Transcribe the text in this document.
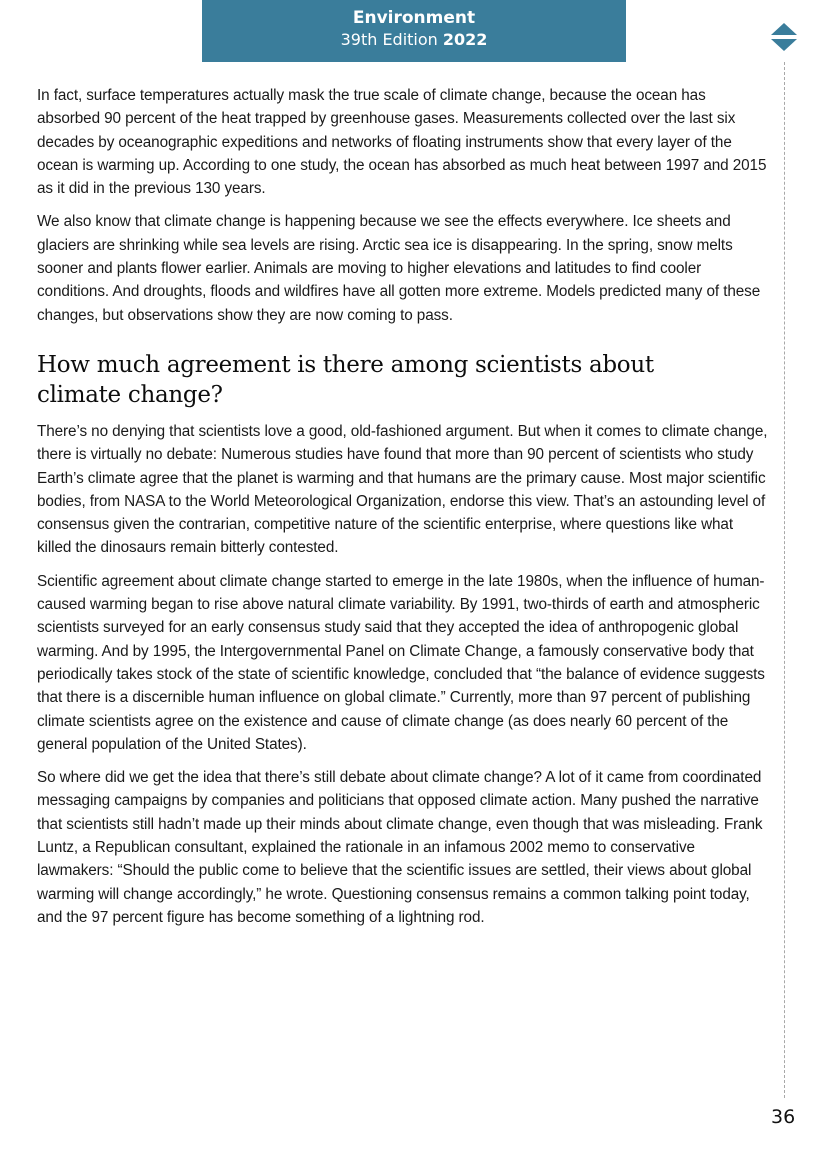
Environment
39th Edition 2022

In fact, surface temperatures actually mask the true scale of climate change, because the ocean has absorbed 90 percent of the heat trapped by greenhouse gases. Measurements collected over the last six decades by oceanographic expeditions and networks of floating instruments show that every layer of the ocean is warming up. According to one study, the ocean has absorbed as much heat between 1997 and 2015 as it did in the previous 130 years.

We also know that climate change is happening because we see the effects everywhere. Ice sheets and glaciers are shrinking while sea levels are rising. Arctic sea ice is disappearing. In the spring, snow melts sooner and plants flower earlier. Animals are moving to higher elevations and latitudes to find cooler conditions. And droughts, floods and wildfires have all gotten more extreme. Models predicted many of these changes, but observations show they are now coming to pass.

How much agreement is there among scientists about climate change?

There’s no denying that scientists love a good, old-fashioned argument. But when it comes to climate change, there is virtually no debate: Numerous studies have found that more than 90 percent of scientists who study Earth’s climate agree that the planet is warming and that humans are the primary cause. Most major scientific bodies, from NASA to the World Meteorological Organization, endorse this view. That’s an astounding level of consensus given the contrarian, competitive nature of the scientific enterprise, where questions like what killed the dinosaurs remain bitterly contested.

Scientific agreement about climate change started to emerge in the late 1980s, when the influence of human-caused warming began to rise above natural climate variability. By 1991, two-thirds of earth and atmospheric scientists surveyed for an early consensus study said that they accepted the idea of anthropogenic global warming. And by 1995, the Intergovernmental Panel on Climate Change, a famously conservative body that periodically takes stock of the state of scientific knowledge, concluded that “the balance of evidence suggests that there is a discernible human influence on global climate.” Currently, more than 97 percent of publishing climate scientists agree on the existence and cause of climate change (as does nearly 60 percent of the general population of the United States).

So where did we get the idea that there’s still debate about climate change? A lot of it came from coordinated messaging campaigns by companies and politicians that opposed climate action. Many pushed the narrative that scientists still hadn’t made up their minds about climate change, even though that was misleading. Frank Luntz, a Republican consultant, explained the rationale in an infamous 2002 memo to conservative lawmakers: “Should the public come to believe that the scientific issues are settled, their views about global warming will change accordingly,” he wrote. Questioning consensus remains a common talking point today, and the 97 percent figure has become something of a lightning rod.

36
